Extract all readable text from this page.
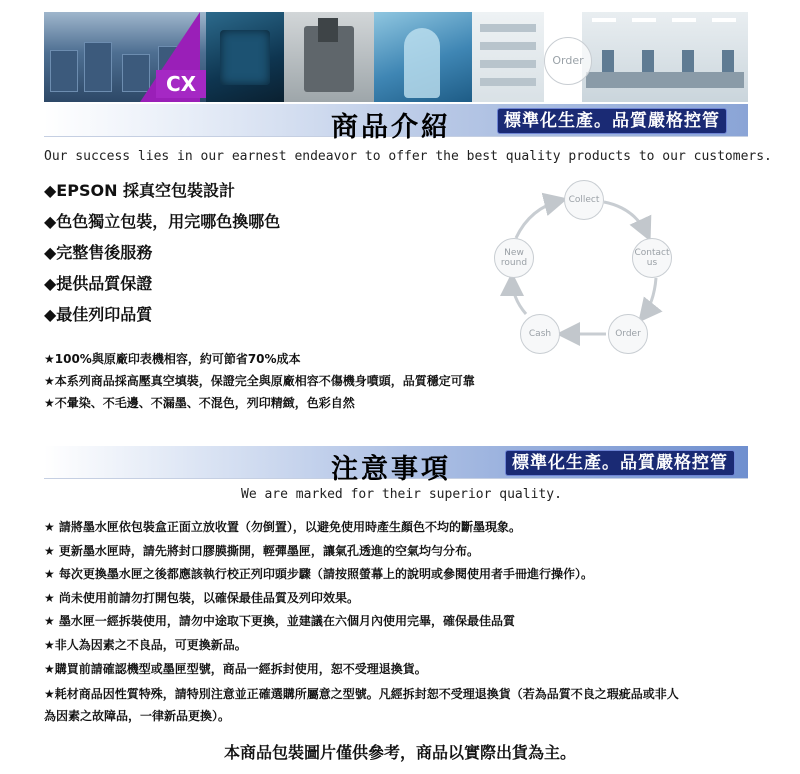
CX
Order
商品介紹	標準化生產。品質嚴格控管
Our success lies in our earnest endeavor to offer the best quality products to our customers.
◆EPSON 採真空包裝設計
◆色色獨立包裝，用完哪色換哪色
◆完整售後服務
◆提供品質保證
◆最佳列印品質
Collect
Contact us
Order
Cash
New round
★100%與原廠印表機相容，約可節省70%成本
★本系列商品採高壓真空填裝，保證完全與原廠相容不傷機身噴頭，品質穩定可靠
★不暈染、不毛邊、不漏墨、不混色，列印精緻，色彩自然
注意事項	標準化生產。品質嚴格控管
We are marked for their superior quality.
★ 請將墨水匣依包裝盒正面立放收置（勿倒置），以避免使用時產生顏色不均的斷墨現象。
★ 更新墨水匣時，請先將封口膠膜撕開，輕彈墨匣，讓氣孔透進的空氣均勻分布。
★ 每次更換墨水匣之後都應該執行校正列印頭步驟（請按照螢幕上的說明或參閱使用者手冊進行操作）。
★ 尚未使用前請勿打開包裝，以確保最佳品質及列印效果。
★ 墨水匣一經拆裝使用，請勿中途取下更換，並建議在六個月內使用完畢，確保最佳品質
★非人為因素之不良品，可更換新品。
★購買前請確認機型或墨匣型號，商品一經拆封使用，恕不受理退換貨。
★耗材商品因性質特殊，請特別注意並正確選購所屬意之型號。凡經拆封恕不受理退換貨（若為品質不良之瑕疵品或非人為因素之故障品，一律新品更換）。
本商品包裝圖片僅供參考，商品以實際出貨為主。
